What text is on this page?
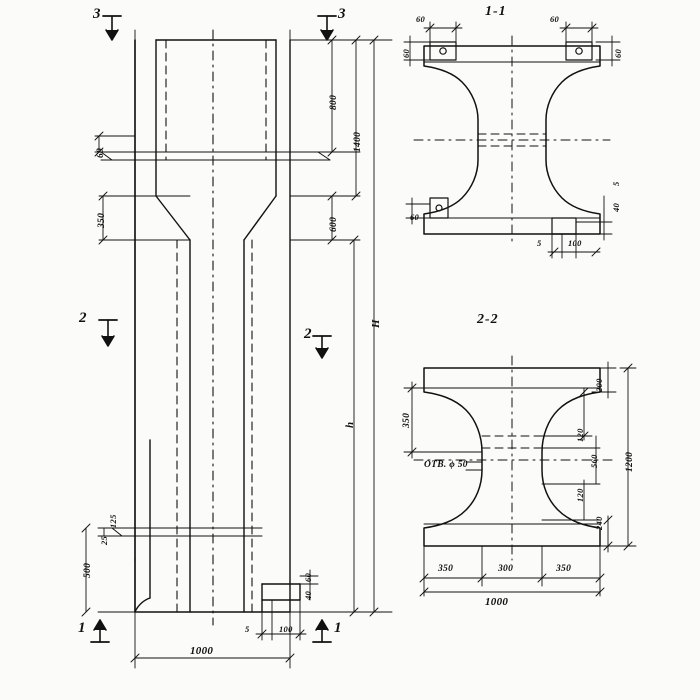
3	3
2
2
1	1
800
1400
600
60
350
H
h
500
25
125
60
40
5	100
1000
1-1
60	60
60	60
60
5
40
5	100
2-2
350
200
120
560	1200
120
240
350	300	350
1000
OTB. ϕ 50
